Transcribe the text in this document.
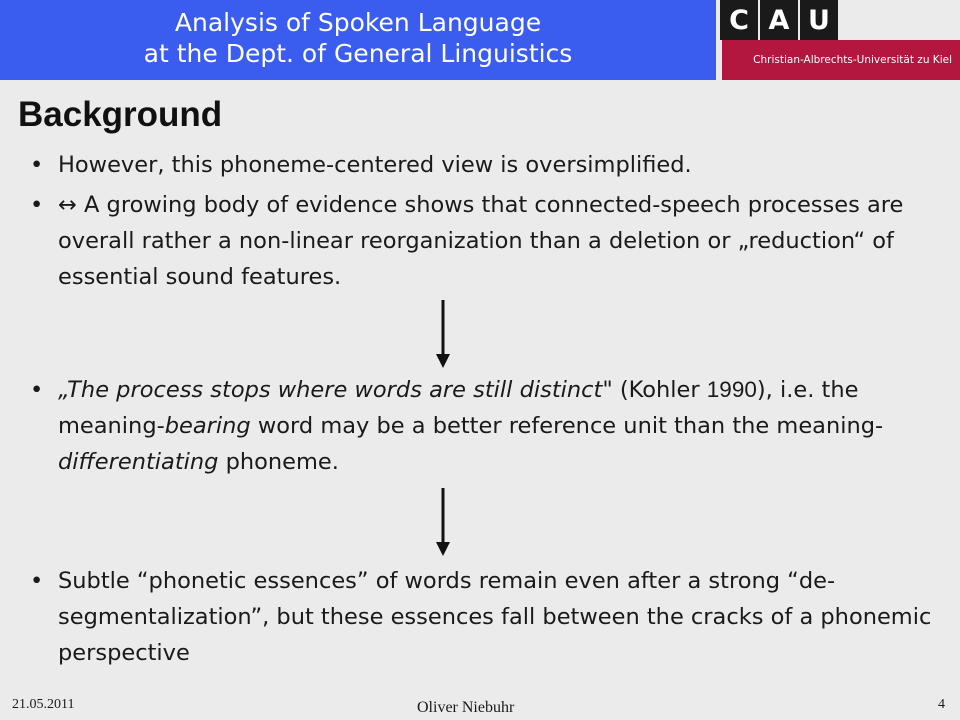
Analysis of Spoken Language
at the Dept. of General Linguistics
C A U
Christian-Albrechts-Universität zu Kiel
Background
• However, this phoneme-centered view is oversimplified.
• ↔ A growing body of evidence shows that connected-speech processes are overall rather a non-linear reorganization than a deletion or „reduction“ of essential sound features.
• „The process stops where words are still distinct" (Kohler 1990), i.e. the meaning-bearing word may be a better reference unit than the meaning-differentiating phoneme.
• Subtle “phonetic essences” of words remain even after a strong “de-segmentalization”, but these essences fall between the cracks of a phonemic perspective
21.05.2011	Oliver Niebuhr	4
